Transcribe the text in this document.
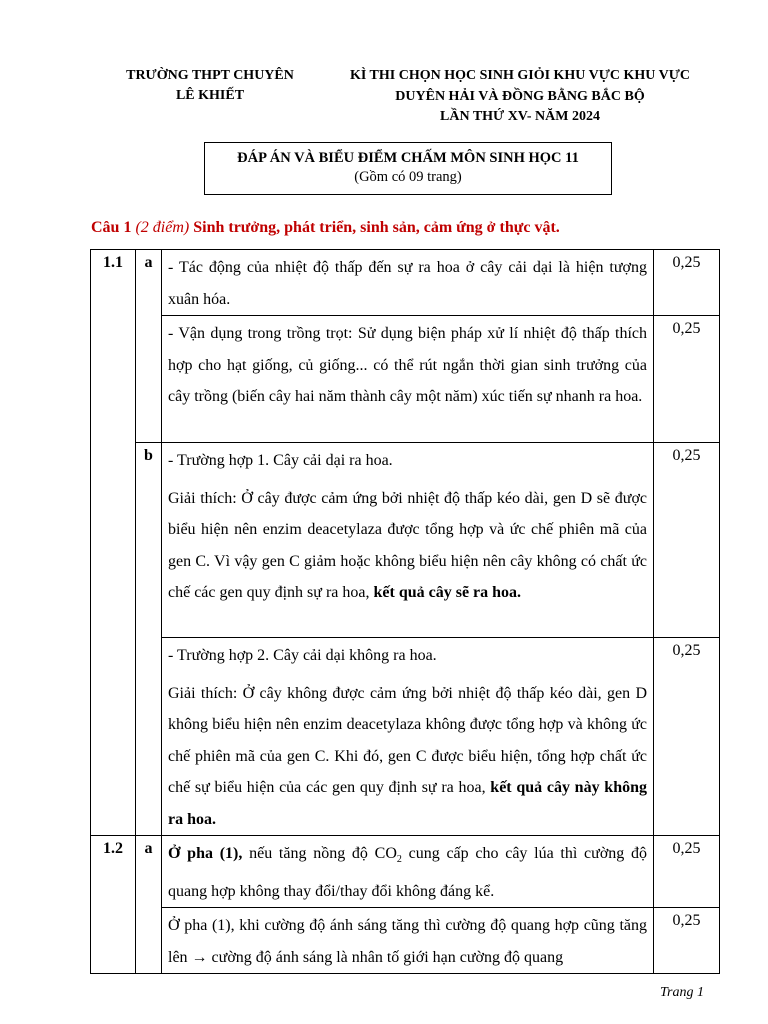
TRƯỜNG THPT CHUYÊN
LÊ KHIẾT
KÌ THI CHỌN HỌC SINH GIỎI KHU VỰC KHU VỰC
DUYÊN HẢI VÀ ĐỒNG BẰNG BẮC BỘ
LẦN THỨ XV- NĂM 2024
ĐÁP ÁN VÀ BIỂU ĐIỂM CHẤM MÔN SINH HỌC 11
(Gồm có 09 trang)
Câu 1 (2 điểm) Sinh trưởng, phát triển, sinh sản, cảm ứng ở thực vật.
1.1	a	- Tác động của nhiệt độ thấp đến sự ra hoa ở cây cải dại là hiện tượng xuân hóa.	0,25

		- Vận dụng trong trồng trọt: Sử dụng biện pháp xử lí nhiệt độ thấp thích hợp cho hạt giống, củ giống... có thể rút ngắn thời gian sinh trưởng của cây trồng (biến cây hai năm thành cây một năm) xúc tiến sự nhanh ra hoa.	0,25
	b	- Trường hợp 1. Cây cải dại ra hoa.

Giải thích: Ở cây được cảm ứng bởi nhiệt độ thấp kéo dài, gen D sẽ được biểu hiện nên enzim deacetylaza được tổng hợp và ức chế phiên mã của gen C. Vì vậy gen C giảm hoặc không biểu hiện nên cây không có chất ức chế các gen quy định sự ra hoa, kết quả cây sẽ ra hoa.	0,25

		- Trường hợp 2. Cây cải dại không ra hoa.

Giải thích: Ở cây không được cảm ứng bởi nhiệt độ thấp kéo dài, gen D không biểu hiện nên enzim deacetylaza không được tổng hợp và không ức chế phiên mã của gen C. Khi đó, gen C được biểu hiện, tổng hợp chất ức chế sự biểu hiện của các gen quy định sự ra hoa, kết quả cây này không ra hoa.	0,25
1.2	a	Ở pha (1), nếu tăng nồng độ $CO_2$ cung cấp cho cây lúa thì cường độ quang hợp không thay đổi/thay đổi không đáng kể.	0,25

		Ở pha (1), khi cường độ ánh sáng tăng thì cường độ quang hợp cũng tăng lên → cường độ ánh sáng là nhân tố giới hạn cường độ quang	0,25
Trang 1
